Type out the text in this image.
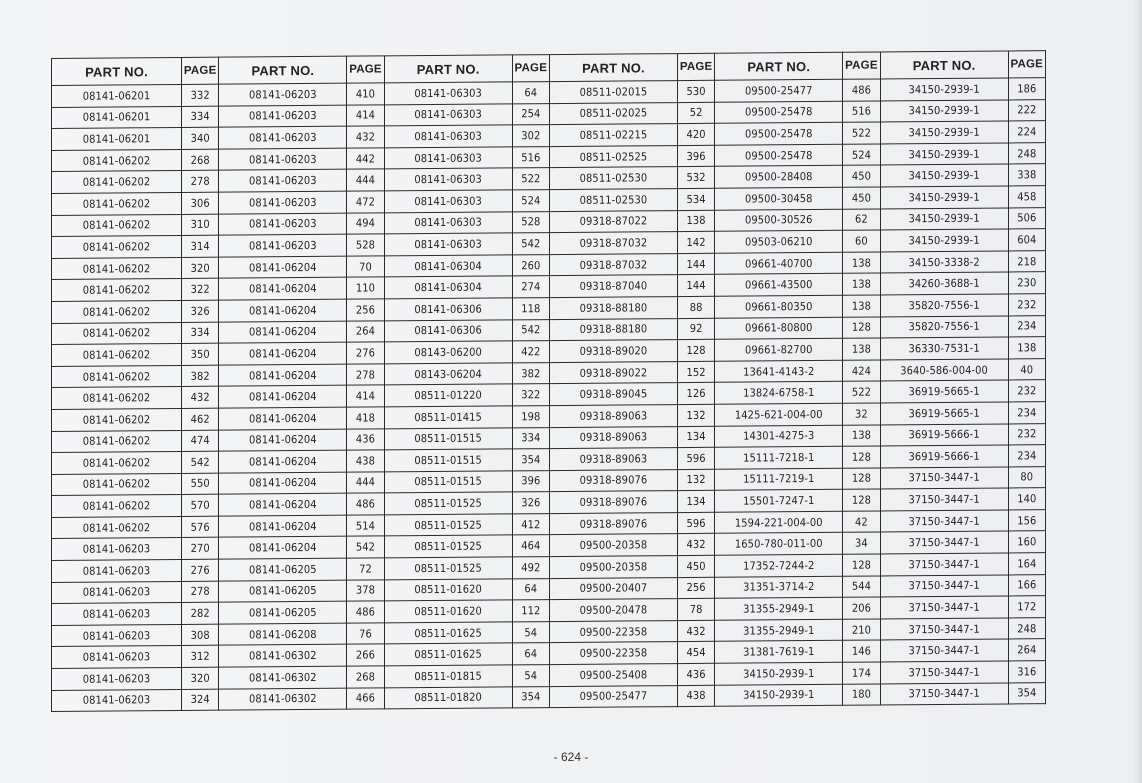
PART NO.	PAGE	PART NO.	PAGE	PART NO.	PAGE	PART NO.	PAGE	PART NO.	PAGE	PART NO.	PAGE
08141-06201	332	08141-06203	410	08141-06303	64	08511-02015	530	09500-25477	486	34150-2939-1	186
08141-06201	334	08141-06203	414	08141-06303	254	08511-02025	52	09500-25478	516	34150-2939-1	222
08141-06201	340	08141-06203	432	08141-06303	302	08511-02215	420	09500-25478	522	34150-2939-1	224
08141-06202	268	08141-06203	442	08141-06303	516	08511-02525	396	09500-25478	524	34150-2939-1	248
08141-06202	278	08141-06203	444	08141-06303	522	08511-02530	532	09500-28408	450	34150-2939-1	338
08141-06202	306	08141-06203	472	08141-06303	524	08511-02530	534	09500-30458	450	34150-2939-1	458
08141-06202	310	08141-06203	494	08141-06303	528	09318-87022	138	09500-30526	62	34150-2939-1	506
08141-06202	314	08141-06203	528	08141-06303	542	09318-87032	142	09503-06210	60	34150-2939-1	604
08141-06202	320	08141-06204	70	08141-06304	260	09318-87032	144	09661-40700	138	34150-3338-2	218
08141-06202	322	08141-06204	110	08141-06304	274	09318-87040	144	09661-43500	138	34260-3688-1	230
08141-06202	326	08141-06204	256	08141-06306	118	09318-88180	88	09661-80350	138	35820-7556-1	232
08141-06202	334	08141-06204	264	08141-06306	542	09318-88180	92	09661-80800	128	35820-7556-1	234
08141-06202	350	08141-06204	276	08143-06200	422	09318-89020	128	09661-82700	138	36330-7531-1	138
08141-06202	382	08141-06204	278	08143-06204	382	09318-89022	152	13641-4143-2	424	3640-586-004-00	40
08141-06202	432	08141-06204	414	08511-01220	322	09318-89045	126	13824-6758-1	522	36919-5665-1	232
08141-06202	462	08141-06204	418	08511-01415	198	09318-89063	132	1425-621-004-00	32	36919-5665-1	234
08141-06202	474	08141-06204	436	08511-01515	334	09318-89063	134	14301-4275-3	138	36919-5666-1	232
08141-06202	542	08141-06204	438	08511-01515	354	09318-89063	596	15111-7218-1	128	36919-5666-1	234
08141-06202	550	08141-06204	444	08511-01515	396	09318-89076	132	15111-7219-1	128	37150-3447-1	80
08141-06202	570	08141-06204	486	08511-01525	326	09318-89076	134	15501-7247-1	128	37150-3447-1	140
08141-06202	576	08141-06204	514	08511-01525	412	09318-89076	596	1594-221-004-00	42	37150-3447-1	156
08141-06203	270	08141-06204	542	08511-01525	464	09500-20358	432	1650-780-011-00	34	37150-3447-1	160
08141-06203	276	08141-06205	72	08511-01525	492	09500-20358	450	17352-7244-2	128	37150-3447-1	164
08141-06203	278	08141-06205	378	08511-01620	64	09500-20407	256	31351-3714-2	544	37150-3447-1	166
08141-06203	282	08141-06205	486	08511-01620	112	09500-20478	78	31355-2949-1	206	37150-3447-1	172
08141-06203	308	08141-06208	76	08511-01625	54	09500-22358	432	31355-2949-1	210	37150-3447-1	248
08141-06203	312	08141-06302	266	08511-01625	64	09500-22358	454	31381-7619-1	146	37150-3447-1	264
08141-06203	320	08141-06302	268	08511-01815	54	09500-25408	436	34150-2939-1	174	37150-3447-1	316
08141-06203	324	08141-06302	466	08511-01820	354	09500-25477	438	34150-2939-1	180	37150-3447-1	354
- 624 -
